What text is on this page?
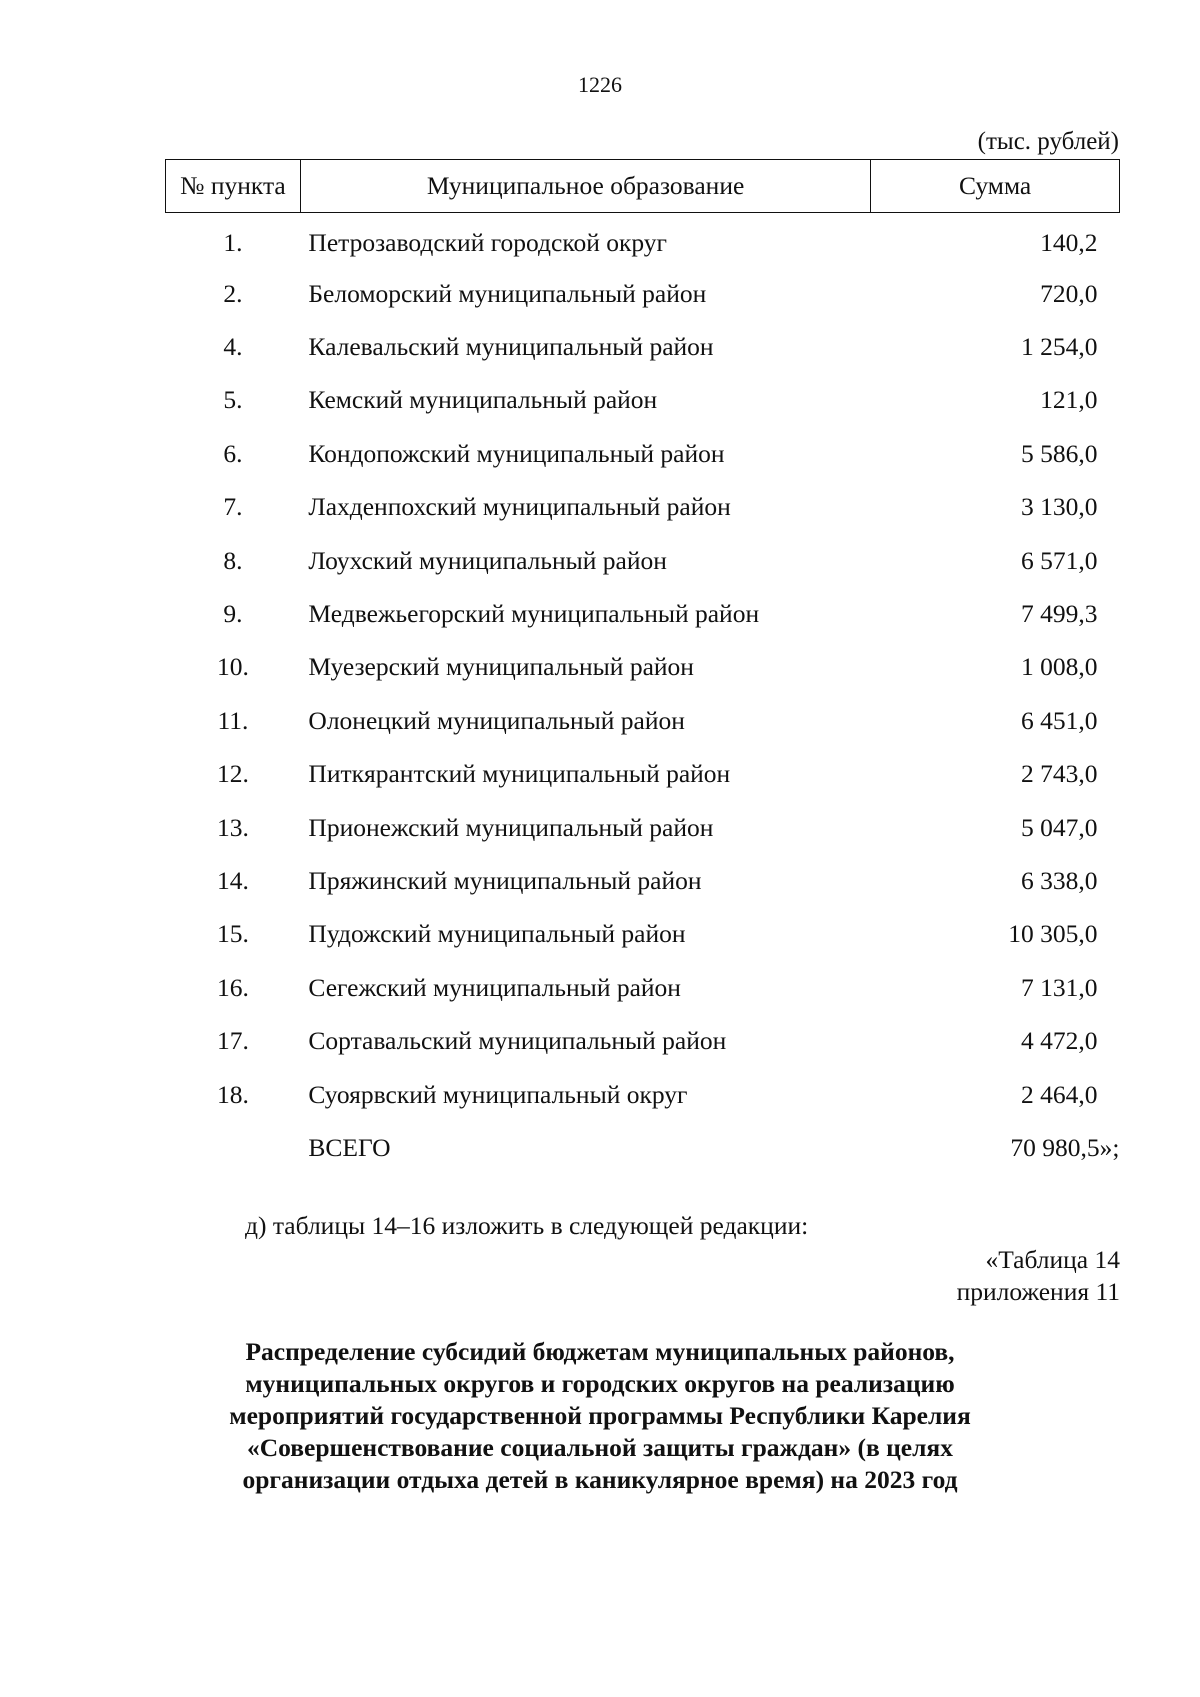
1226
(тыс. рублей)
№ пункта	Муниципальное образование	Сумма
1.	Петрозаводский городской округ	140,2
2.	Беломорский муниципальный район	720,0
4.	Калевальский муниципальный район	1 254,0
5.	Кемский муниципальный район	121,0
6.	Кондопожский муниципальный район	5 586,0
7.	Лахденпохский муниципальный район	3 130,0
8.	Лоухский муниципальный район	6 571,0
9.	Медвежьегорский муниципальный район	7 499,3
10.	Муезерский муниципальный район	1 008,0
11.	Олонецкий муниципальный район	6 451,0
12.	Питкярантский муниципальный район	2 743,0
13.	Прионежский муниципальный район	5 047,0
14.	Пряжинский муниципальный район	6 338,0
15.	Пудожский муниципальный район	10 305,0
16.	Сегежский муниципальный район	7 131,0
17.	Сортавальский муниципальный район	4 472,0
18.	Суоярвский муниципальный округ	2 464,0
	ВСЕГО	70 980,5»;
д) таблицы 14–16 изложить в следующей редакции:
«Таблица 14
приложения 11
Распределение субсидий бюджетам муниципальных районов,
муниципальных округов и городских округов на реализацию
мероприятий государственной программы Республики Карелия
«Совершенствование социальной защиты граждан» (в целях
организации отдыха детей в каникулярное время) на 2023 год
